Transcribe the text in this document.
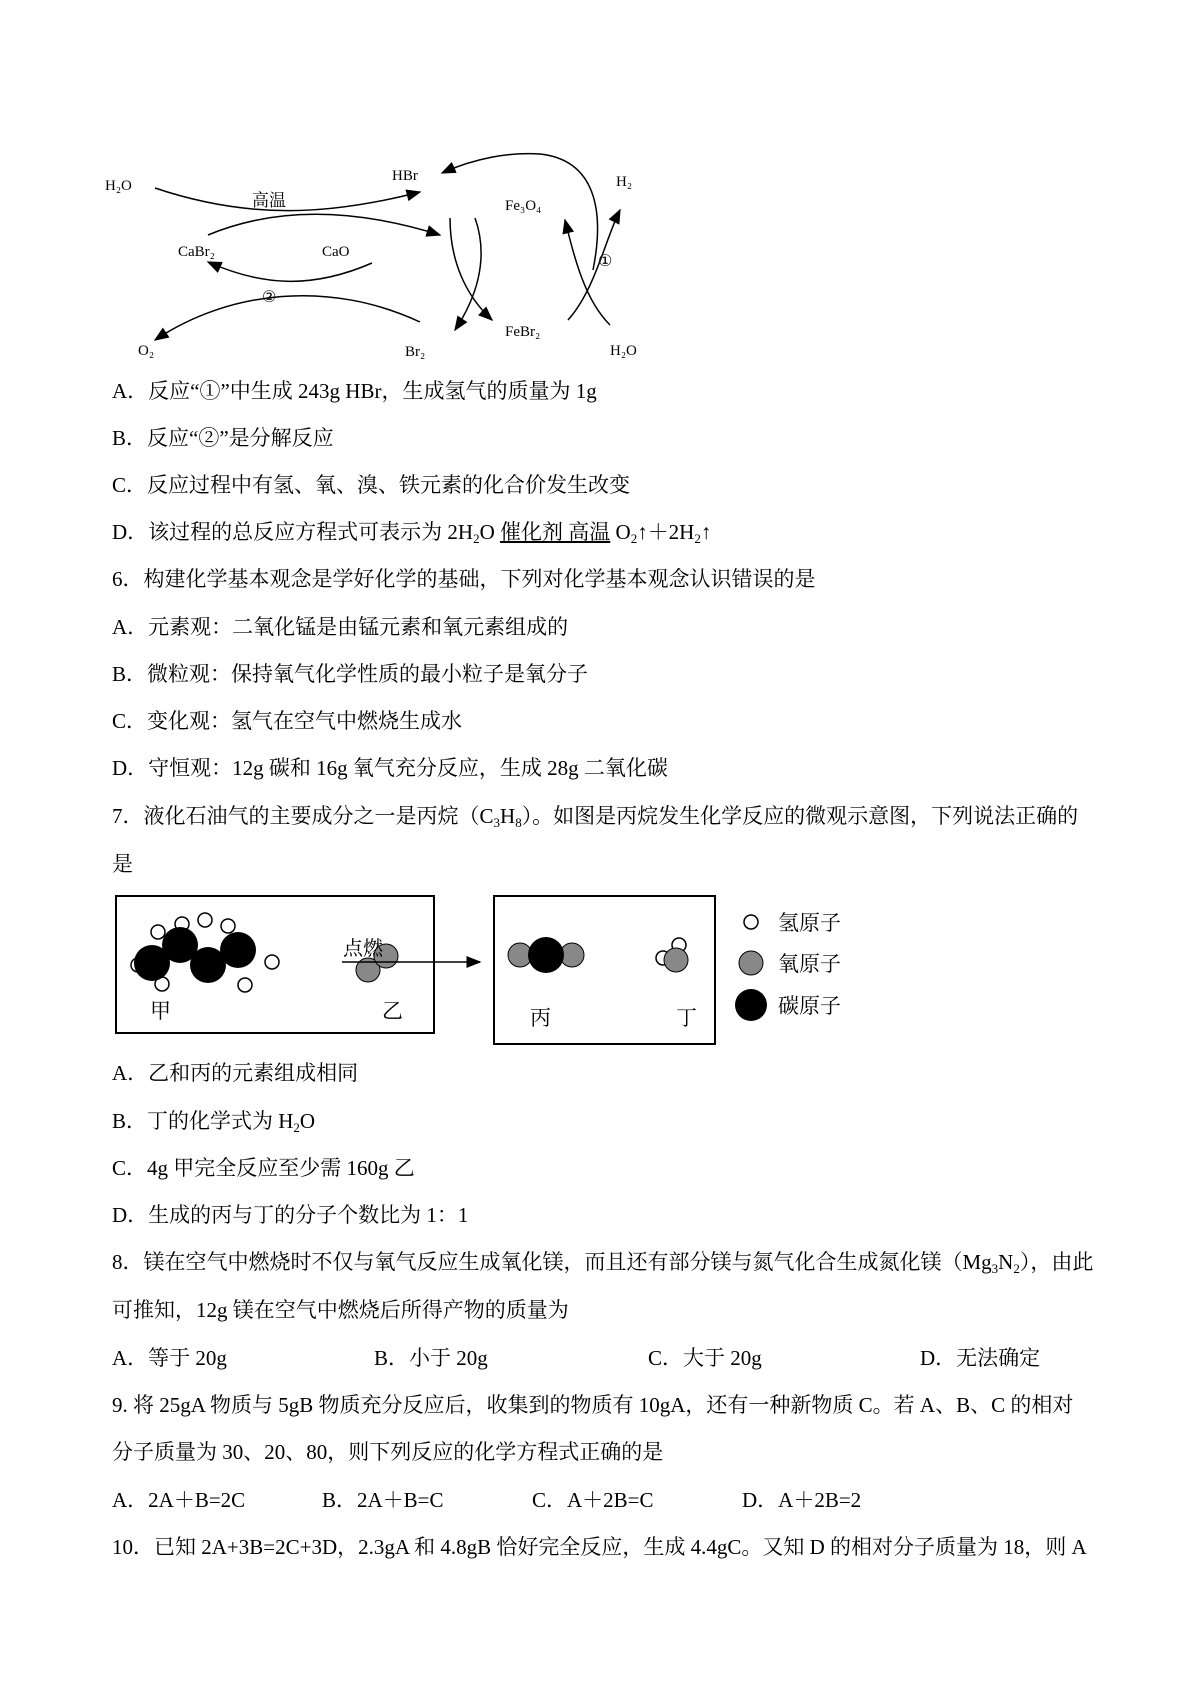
H₂O
高温
HBr
CaBr₂	CaO
②
O₂	Br₂
Fe₃O₄
H₂
①
FeBr₂
H₂O
A．反应“①”中生成 243g HBr，生成氢气的质量为 1g
B．反应“②”是分解反应
C．反应过程中有氢、氧、溴、铁元素的化合价发生改变
D．该过程的总反应方程式可表示为 $2H_2O$ 催化剂 高温 $O_2↑+2H_2↑$
6．构建化学基本观念是学好化学的基础，下列对化学基本观念认识错误的是
A．元素观：二氧化锰是由锰元素和氧元素组成的
B．微粒观：保持氧气化学性质的最小粒子是氧分子
C．变化观：氢气在空气中燃烧生成水
D．守恒观：12g 碳和 16g 氧气充分反应，生成 28g 二氧化碳
7．液化石油气的主要成分之一是丙烷$(C_3H_8)$。如图是丙烷发生化学反应的微观示意图，下列说法正确的
是
甲	乙	丙	丁
氢原子
氧原子
碳原子
点燃
A．乙和丙的元素组成相同
B．丁的化学式为 $H_2O$
C．4g 甲完全反应至少需 160g 乙
D．生成的丙与丁的分子个数比为 1：1
8．镁在空气中燃烧时不仅与氧气反应生成氧化镁，而且还有部分镁与氮气化合生成氮化镁$(Mg_3N_2)$，由此
可推知，12g 镁在空气中燃烧后所得产物的质量为
A．等于 20g	B．小于 20g	C．大于 20g	D．无法确定
9. 将 25gA 物质与 5gB 物质充分反应后，收集到的物质有 10gA，还有一种新物质 C。若 A、B、C 的相对
分子质量为 30、20、80，则下列反应的化学方程式正确的是
A．2A＋B=2C	B．2A＋B=C	C．A＋2B=C	D．A＋2B=2
10．已知 2A+3B=2C+3D，2.3gA 和 4.8gB 恰好完全反应，生成 4.4gC。又知 D 的相对分子质量为 18，则 A
